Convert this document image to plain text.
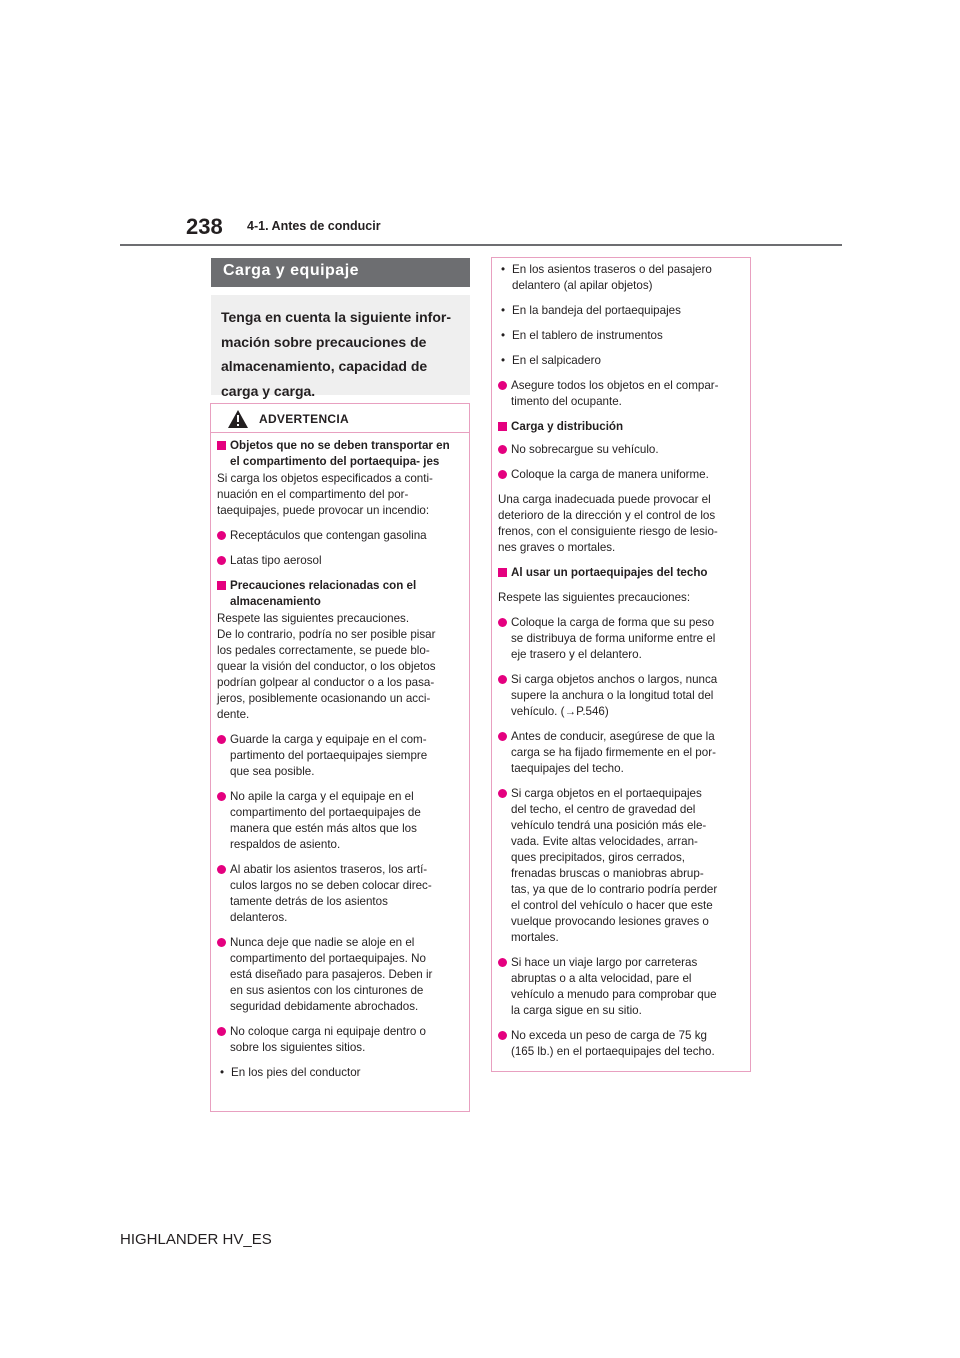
238 4-1. Antes de conducir
Carga y equipaje
Tenga en cuenta la siguiente infor-
mación sobre precauciones de
almacenamiento, capacidad de
carga y carga.
ADVERTENCIA
Objetos que no se deben transportar en el compartimento del portaequipa- jes
Si carga los objetos especificados a conti-
nuación en el compartimento del por-
taequipajes, puede provocar un incendio:
Receptáculos que contengan gasolina
Latas tipo aerosol
Precauciones relacionadas con el almacenamiento
Respete las siguientes precauciones.
De lo contrario, podría no ser posible pisar
los pedales correctamente, se puede blo-
quear la visión del conductor, o los objetos
podrían golpear al conductor o a los pasa-
jeros, posiblemente ocasionando un acci-
dente.
Guarde la carga y equipaje en el com-
partimento del portaequipajes siempre
que sea posible.
No apile la carga y el equipaje en el
compartimento del portaequipajes de
manera que estén más altos que los
respaldos de asiento.
Al abatir los asientos traseros, los artí-
culos largos no se deben colocar direc-
tamente detrás de los asientos
delanteros.
Nunca deje que nadie se aloje en el
compartimento del portaequipajes. No
está diseñado para pasajeros. Deben ir
en sus asientos con los cinturones de
seguridad debidamente abrochados.
No coloque carga ni equipaje dentro o
sobre los siguientes sitios.
• En los pies del conductor
• En los asientos traseros o del pasajero
delantero (al apilar objetos)
• En la bandeja del portaequipajes
• En el tablero de instrumentos
• En el salpicadero
Asegure todos los objetos en el compar-
timento del ocupante.
Carga y distribución
No sobrecargue su vehículo.
Coloque la carga de manera uniforme.
Una carga inadecuada puede provocar el
deterioro de la dirección y el control de los
frenos, con el consiguiente riesgo de lesio-
nes graves o mortales.
Al usar un portaequipajes del techo
Respete las siguientes precauciones:
Coloque la carga de forma que su peso
se distribuya de forma uniforme entre el
eje trasero y el delantero.
Si carga objetos anchos o largos, nunca
supere la anchura o la longitud total del
vehículo. (→P.546)
Antes de conducir, asegúrese de que la
carga se ha fijado firmemente en el por-
taequipajes del techo.
Si carga objetos en el portaequipajes
del techo, el centro de gravedad del
vehículo tendrá una posición más ele-
vada. Evite altas velocidades, arran-
ques precipitados, giros cerrados,
frenadas bruscas o maniobras abrup-
tas, ya que de lo contrario podría perder
el control del vehículo o hacer que este
vuelque provocando lesiones graves o
mortales.
Si hace un viaje largo por carreteras
abruptas o a alta velocidad, pare el
vehículo a menudo para comprobar que
la carga sigue en su sitio.
No exceda un peso de carga de 75 kg
(165 lb.) en el portaequipajes del techo.
HIGHLANDER HV_ES
